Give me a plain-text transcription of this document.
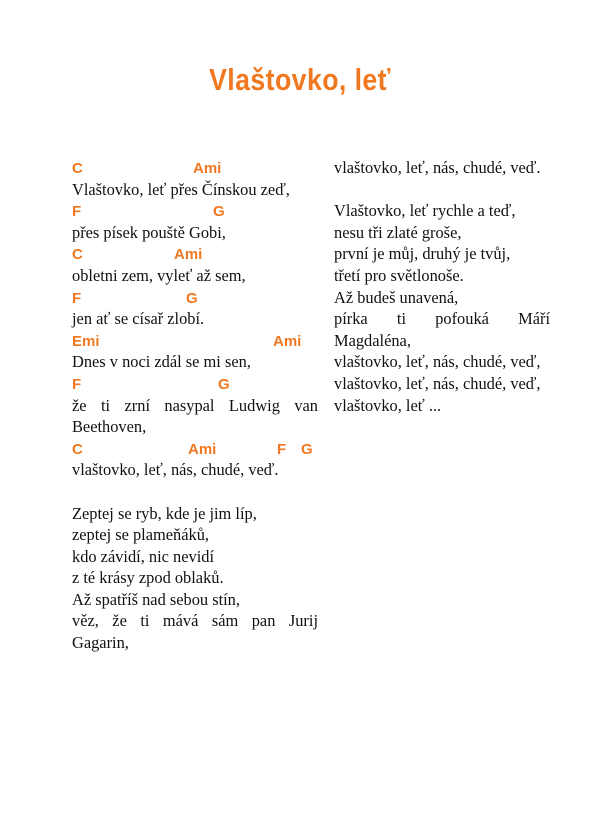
Vlaštovko, leť
C	Ami
Vlaštovko, leť přes Čínskou zeď,
F	G
přes písek pouště Gobi,
C	Ami
obletni zem, vyleť až sem,
F	G
jen ať se císař zlobí.
Emi	Ami
Dnes v noci zdál se mi sen,
F	G
že ti zrní nasypal Ludwig van Beethoven,
C	Ami	F G
vlaštovko, leť, nás, chudé, veď.
Zeptej se ryb, kde je jim líp,
zeptej se plameňáků,
kdo závidí, nic nevidí
z té krásy zpod oblaků.
Až spatříš nad sebou stín,
věz, že ti mává sám pan Jurij Gagarin,
vlaštovko, leť, nás, chudé, veď.
Vlaštovko, leť rychle a teď,
nesu tři zlaté groše,
první je můj, druhý je tvůj,
třetí pro světlonoše.
Až budeš unavená,
pírka ti pofouká Máří Magdaléna,
vlaštovko, leť, nás, chudé, veď,
vlaštovko, leť, nás, chudé, veď,
vlaštovko, leť ...
